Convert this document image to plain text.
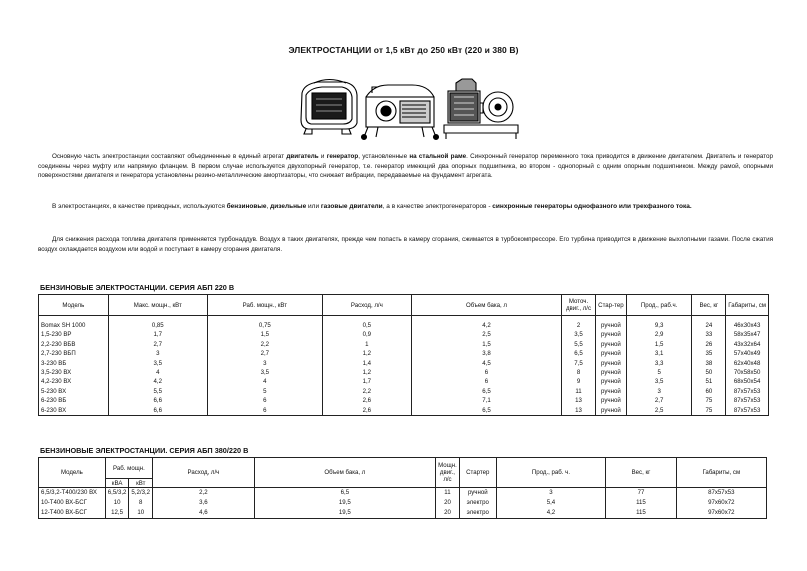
ЭЛЕКТРОСТАНЦИИ от 1,5 кВт до 250 кВт (220 и 380 В)
Основную часть электростанции составляют объединенные в единый агрегат двигатель и генератор, установленные на стальной раме. Синхронный генератор переменного тока приводится в движение двигателем. Двигатель и генератор соединены через муфту или напрямую фланцем. В первом случае используется двухопорный генератор, т.е. генератор имеющий два опорных подшипника, во втором - однопорный с одним опорным подшипником. Между рамой, опорными поверхностями двигателя и генератора установлены резино-металлические амортизаторы, что снижает вибрации, передаваемые на фундамент агрегата.
В электростанциях, в качестве приводных, используются бензиновые, дизельные или газовые двигатели, а в качестве электрогенераторов - синхронные генераторы однофазного или трехфазного тока.
Для снижения расхода топлива двигателя применяется турбонаддув. Воздух в таких двигателях, прежде чем попасть в камеру сгорания, сжимается в турбокомпрессоре. Его турбина приводится в движение выхлопными газами. После сжатия воздух охлаждается воздухом или водой и поступает в камеру сгорания двигателя.
БЕНЗИНОВЫЕ ЭЛЕКТРОСТАНЦИИ. СЕРИЯ АБП 220 В
Модель	Макс. мощн., кВт	Раб. мощн., кВт	Расход, л/ч	Объем бака, л	Моточ. двиг., л/с	Стар-тер	Прод., раб.ч.	Вес, кг	Габариты, см
Bomax SH 1000	0,85	0,75	0,5	4,2	2	ручной	9,3	24	46x30x43
1,5-230 ВР	1,7	1,5	0,9	2,5	3,5	ручной	2,9	33	58x35x47
2,2-230 ВБВ	2,7	2,2	1	1,5	5,5	ручной	1,5	26	43x32x64
2,7-230 ВБП	3	2,7	1,2	3,8	6,5	ручной	3,1	35	57x40x49
3-230 ВБ	3,5	3	1,4	4,5	7,5	ручной	3,3	38	62x40x48
3,5-230 ВХ	4	3,5	1,2	6	8	ручной	5	50	70x58x50
4,2-230 ВХ	4,2	4	1,7	6	9	ручной	3,5	51	68x50x54
5-230 ВХ	5,5	5	2,2	6,5	11	ручной	3	60	87x57x53
6-230 ВБ	6,6	6	2,6	7,1	13	ручной	2,7	75	87x57x53
6-230 ВХ	6,6	6	2,6	6,5	13	ручной	2,5	75	87x57x53
БЕНЗИНОВЫЕ ЭЛЕКТРОСТАНЦИИ. СЕРИЯ АБП 380/220 В
Модель	Раб. мощн.		Расход, л/ч	Объем бака, л	Мощн. двиг., л/с	Стартер	Прод., раб. ч.	Вес, кг	Габариты, см
	кВА	кВт							
6,5/3,2-Т400/230 ВХ	6,5/3,2	5,2/3,2	2,2	6,5	11	ручной	3	77	87x57x53
10-Т400 ВХ-БСГ	10	8	3,6	19,5	20	электро	5,4	115	97x60x72
12-Т400 ВХ-БСГ	12,5	10	4,6	19,5	20	электро	4,2	115	97x60x72
